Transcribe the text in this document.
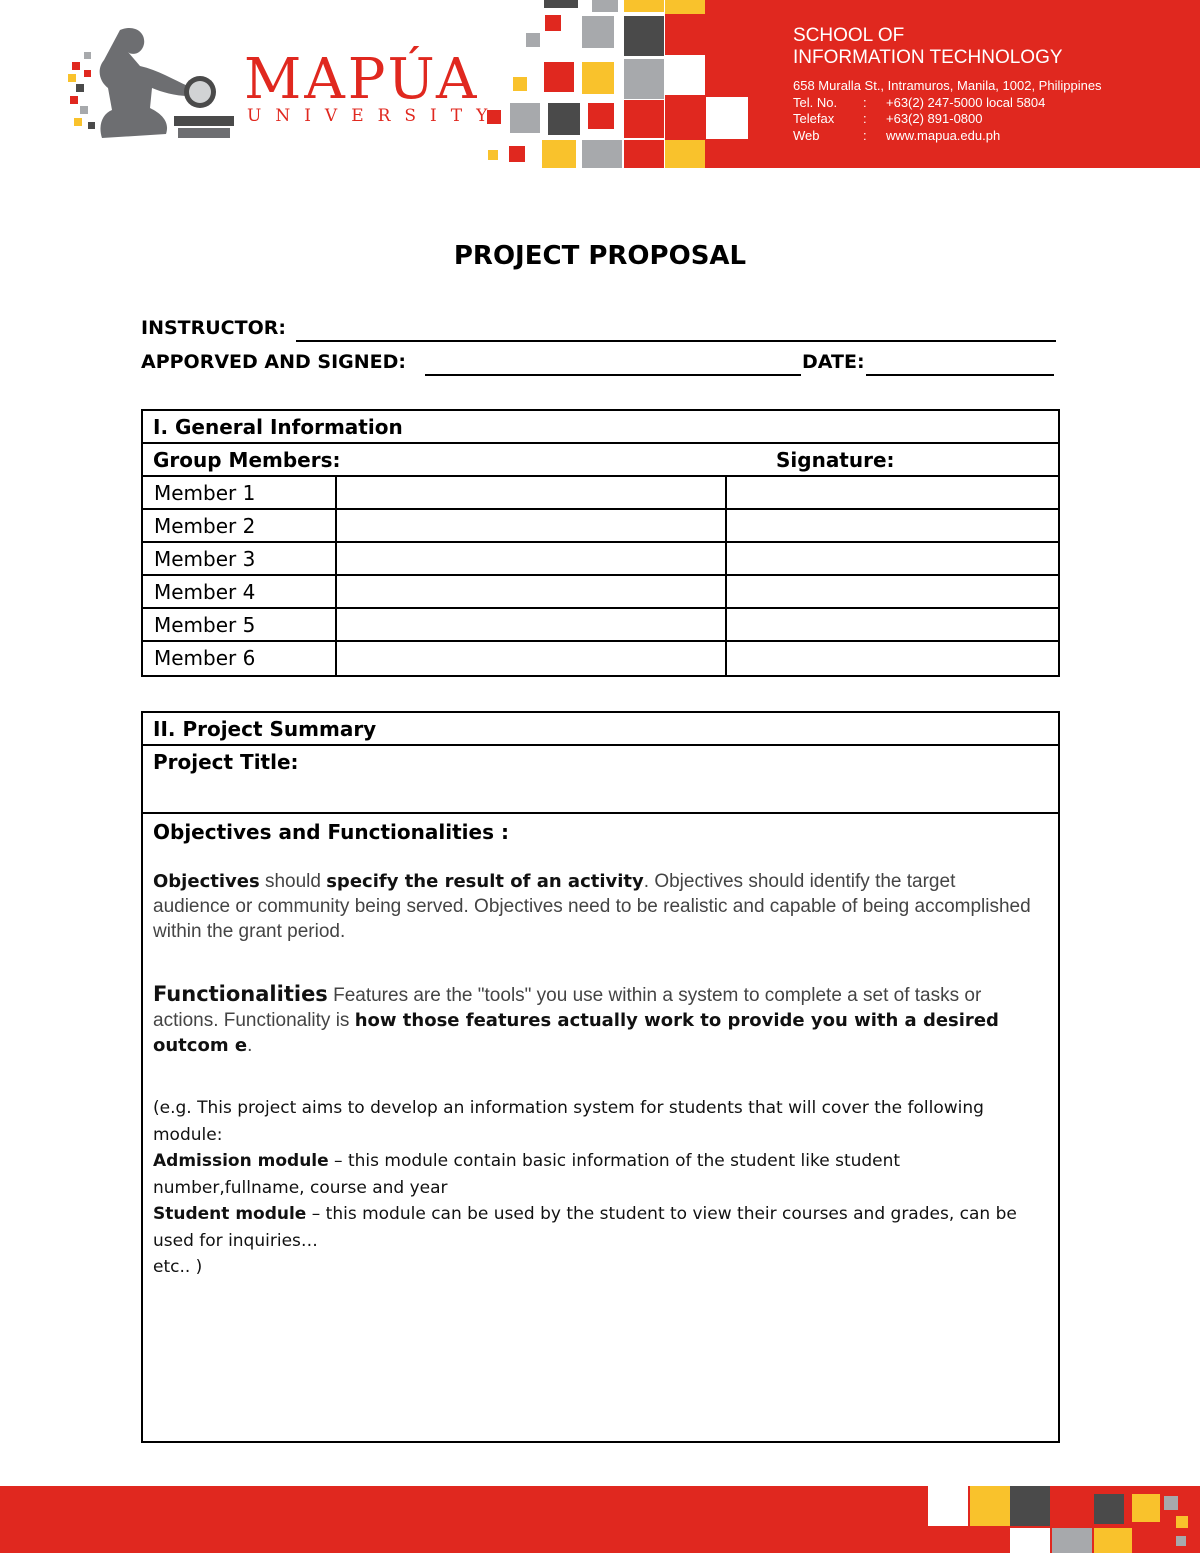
MAPÚA
UNIVERSITY
SCHOOL OF
INFORMATION TECHNOLOGY
658 Muralla St., Intramuros, Manila, 1002, Philippines
Tel. No.	:	+63(2) 247-5000 local 5804
Telefax	:	+63(2) 891-0800
Web	:	www.mapua.edu.ph
PROJECT PROPOSAL
INSTRUCTOR:
APPORVED AND SIGNED:	DATE:
I. General Information
Group Members:	Signature:
Member 1
Member 2
Member 3
Member 4
Member 5
Member 6
II. Project Summary
Project Title:
Objectives and Functionalities :

Objectives should specify the result of an activity. Objectives should identify the target audience or community being served. Objectives need to be realistic and capable of being accomplished within the grant period.

Functionalities Features are the "tools" you use within a system to complete a set of tasks or actions. Functionality is how those features actually work to provide you with a desired outcom e.

(e.g. This project aims to develop an information system for students that will cover the following module:
Admission module – this module contain basic information of the student like student number,fullname, course and year
Student module – this module can be used by the student to view their courses and grades, can be used for inquiries…
etc.. )
